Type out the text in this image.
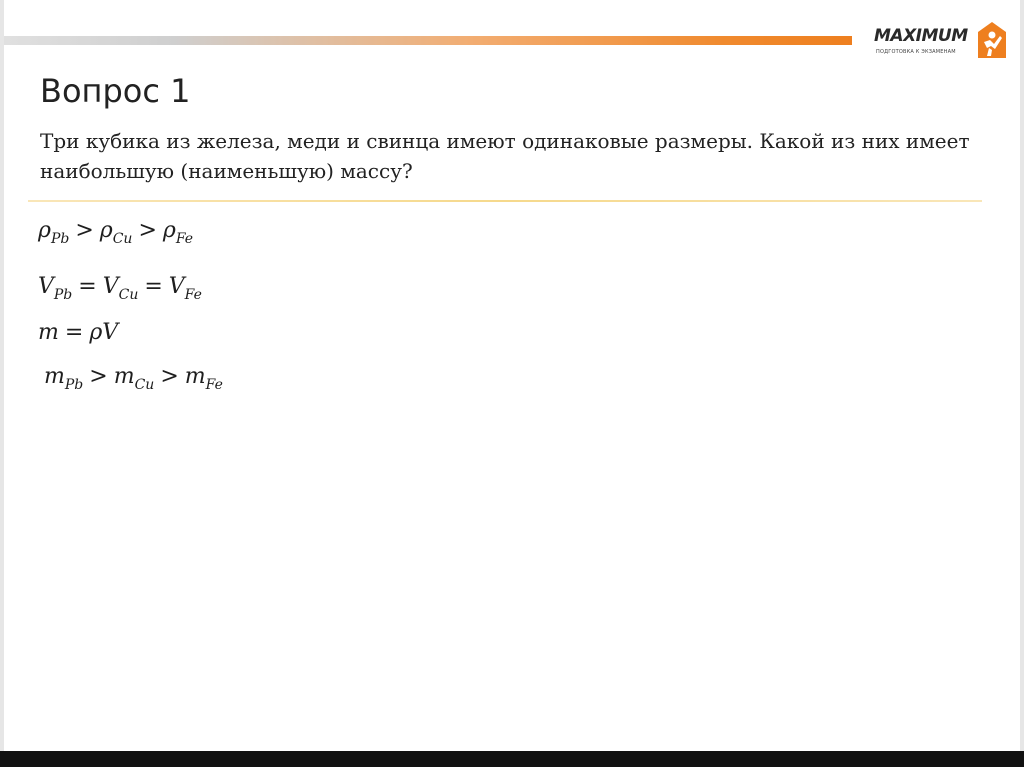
MAXIMUM
ПОДГОТОВКА К ЭКЗАМЕНАМ
Вопрос 1

Три кубика из железа, меди и свинца имеют одинаковые размеры. Какой из них имеет наибольшую (наименьшую) массу?

$\rho_{Pb} > \rho_{Cu} > \rho_{Fe}$
$V_{Pb} = V_{Cu} = V_{Fe}$
m = ρV
$m_{Pb} > m_{Cu} > m_{Fe}$
